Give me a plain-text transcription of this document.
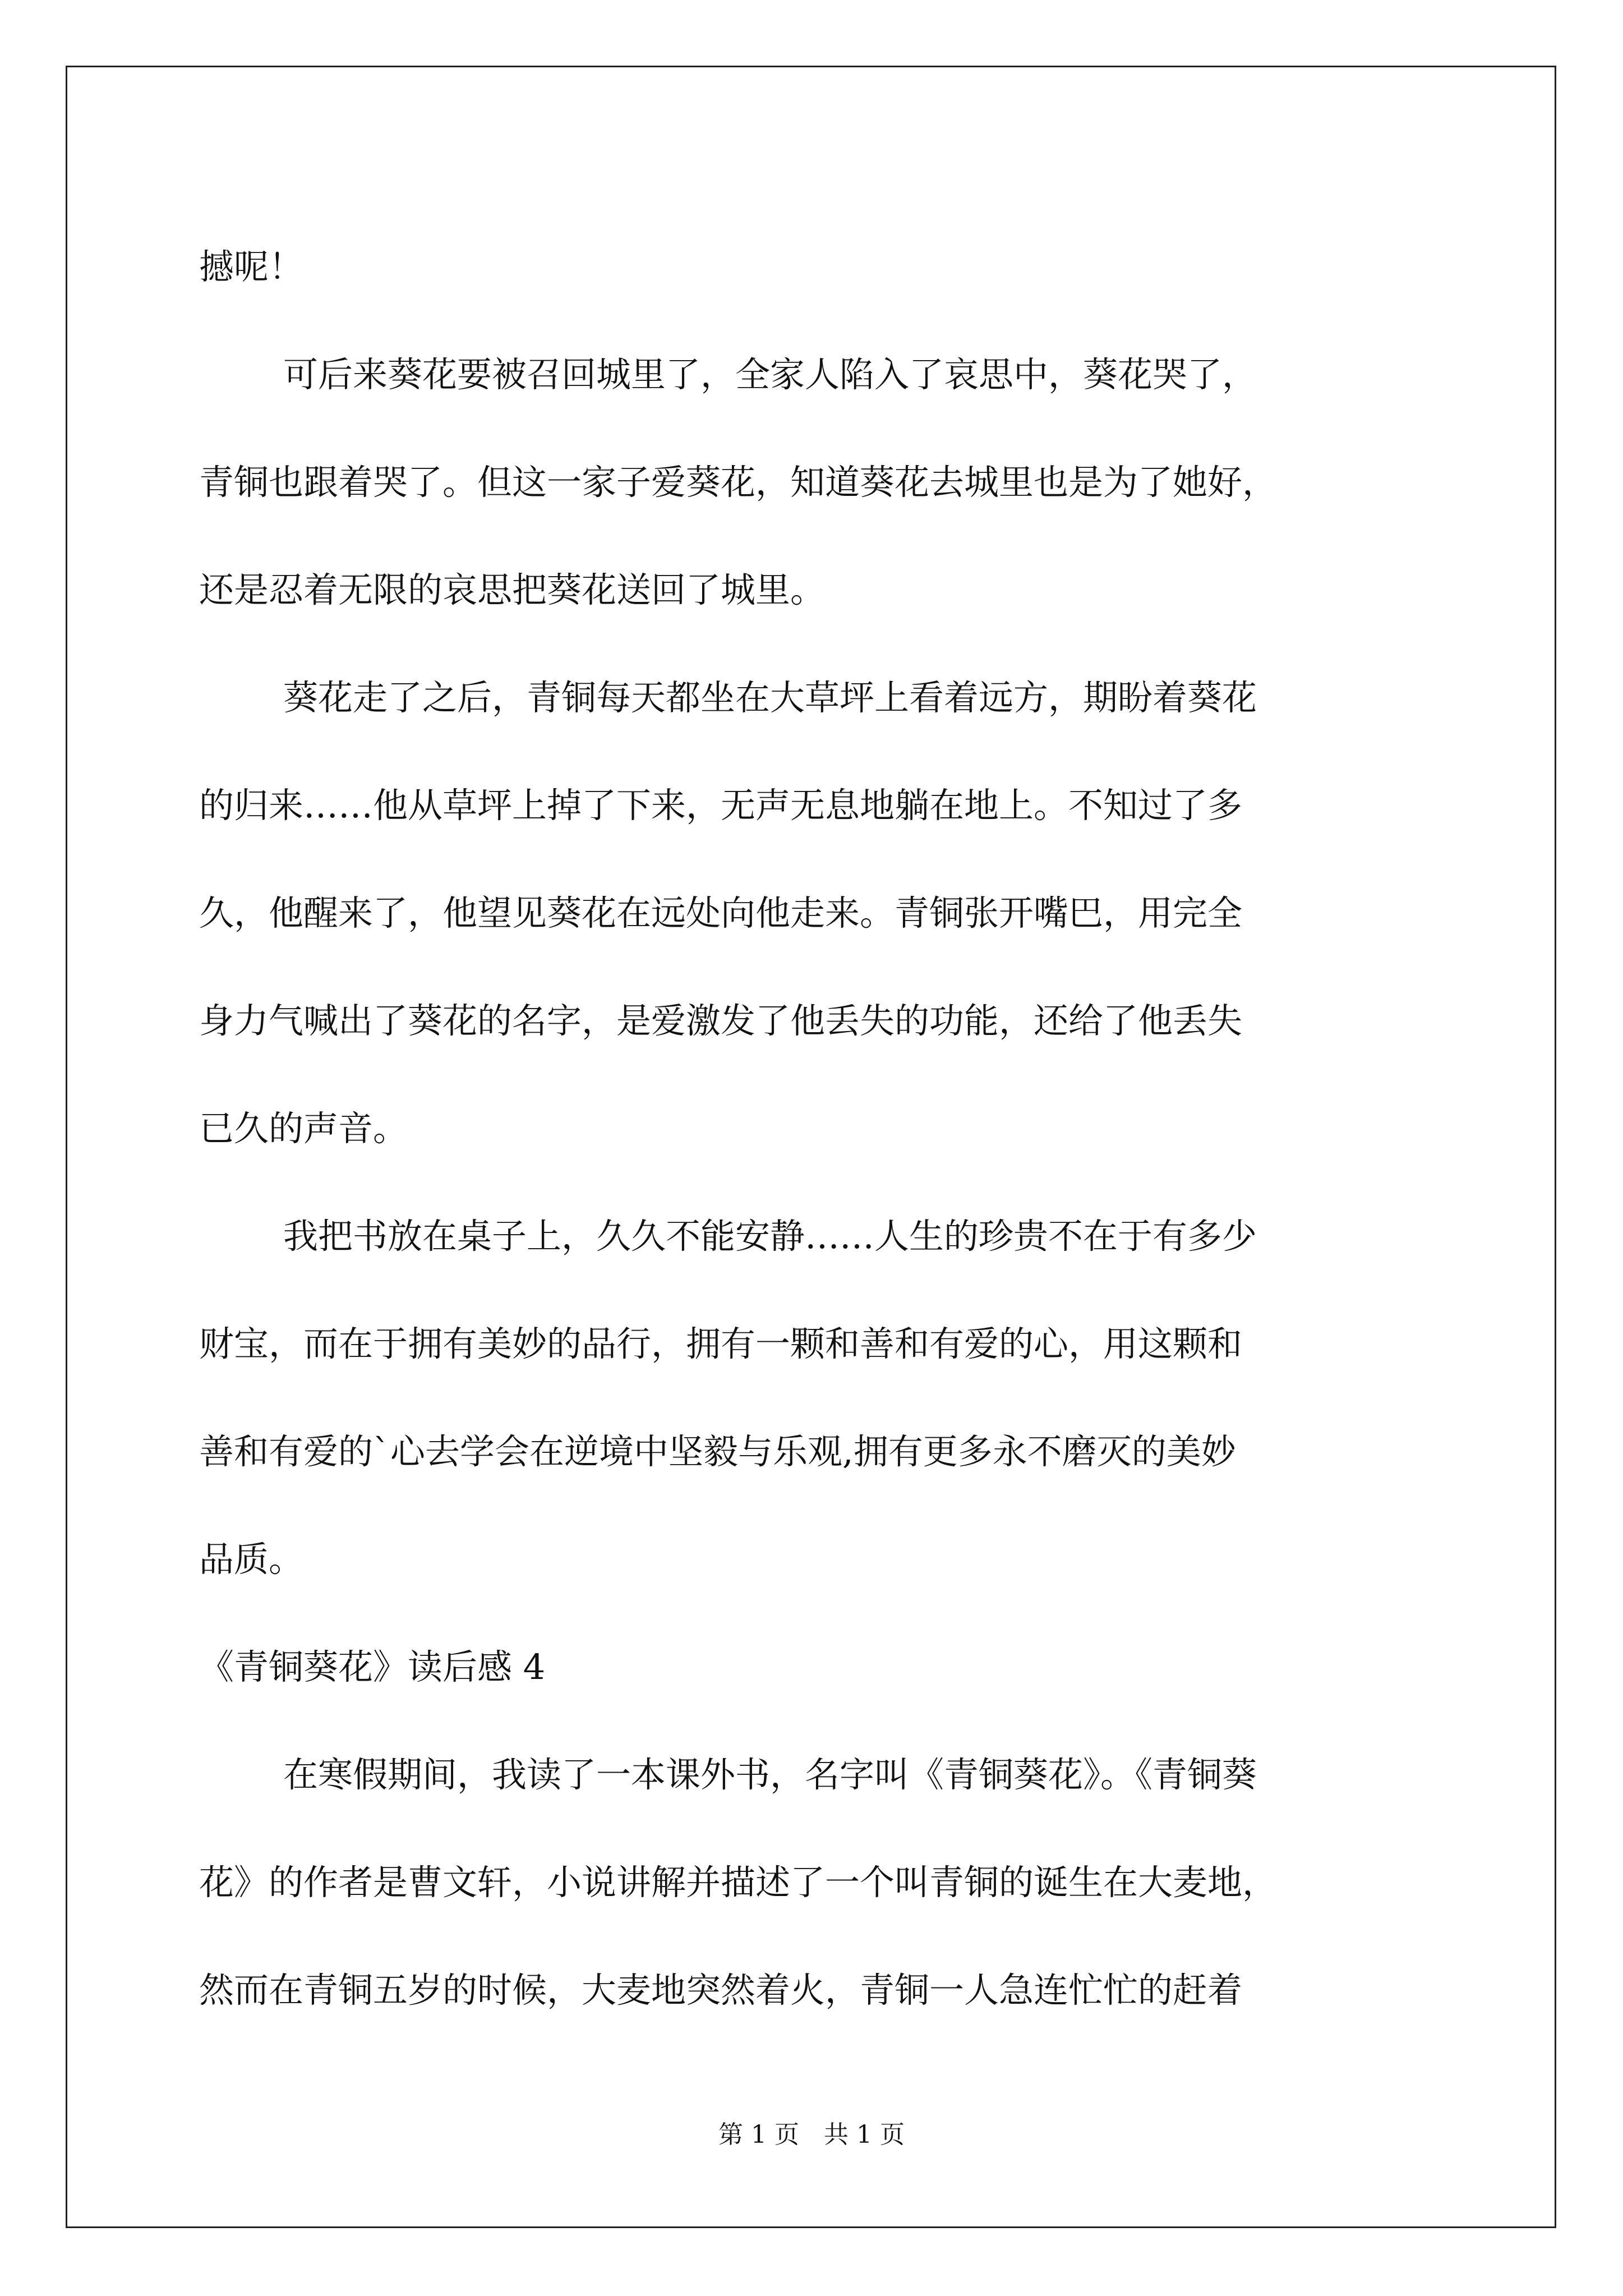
撼呢！
可后来葵花要被召回城里了，全家人陷入了哀思中，葵花哭了，
青铜也跟着哭了。但这一家子爱葵花，知道葵花去城里也是为了她好，
还是忍着无限的哀思把葵花送回了城里。
葵花走了之后，青铜每天都坐在大草坪上看着远方，期盼着葵花
的归来……他从草坪上掉了下来，无声无息地躺在地上。不知过了多
久，他醒来了，他望见葵花在远处向他走来。青铜张开嘴巴，用完全
身力气喊出了葵花的名字，是爱激发了他丢失的功能，还给了他丢失
已久的声音。
我把书放在桌子上，久久不能安静……人生的珍贵不在于有多少
财宝，而在于拥有美妙的品行，拥有一颗和善和有爱的心，用这颗和
善和有爱的`心去学会在逆境中坚毅与乐观,拥有更多永不磨灭的美妙
品质。
《青铜葵花》读后感 4
在寒假期间，我读了一本课外书，名字叫《青铜葵花》。《青铜葵
花》的作者是曹文轩，小说讲解并描述了一个叫青铜的诞生在大麦地，
然而在青铜五岁的时候，大麦地突然着火，青铜一人急连忙忙的赶着
第 1 页　共 1 页
